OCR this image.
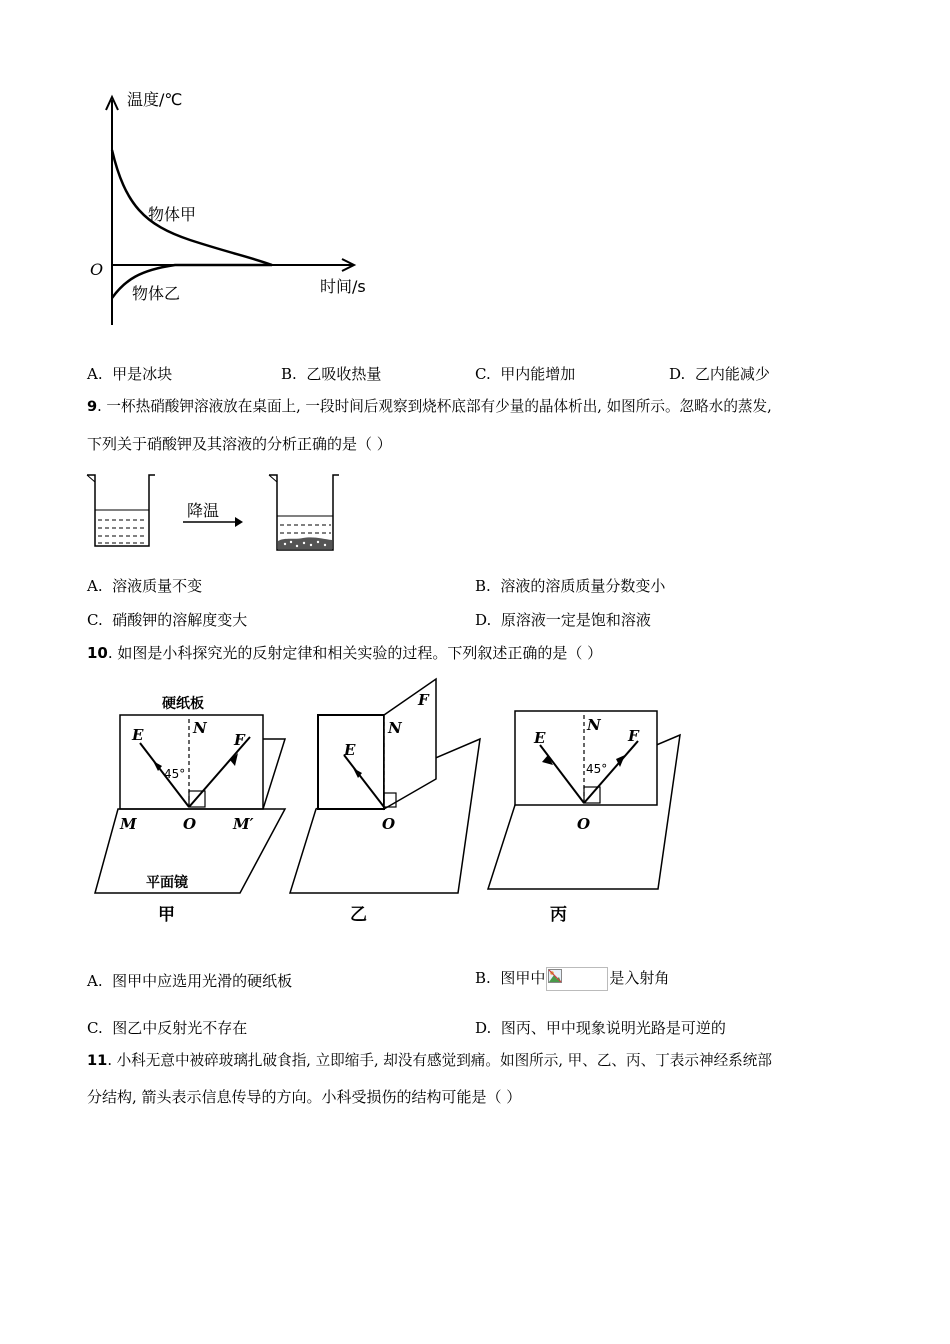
温度/℃
时间/s
O
物体甲
物体乙
A. 甲是冰块	B. 乙吸收热量	C. 甲内能增加	D. 乙内能减少
9. 一杯热硝酸钾溶液放在桌面上, 一段时间后观察到烧杯底部有少量的晶体析出, 如图所示。忽略水的蒸发,
下列关于硝酸钾及其溶液的分析正确的是（ ）
降温
A. 溶液质量不变	B. 溶液的溶质质量分数变小
C. 硝酸钾的溶解度变大	D. 原溶液一定是饱和溶液
10. 如图是小科探究光的反射定律和相关实验的过程。下列叙述正确的是（ ）
硬纸板
E	N
F
45°
M	O M′
平面镜
甲
E
N
F
O
乙
E
N
F
45°
O
丙
A. 图甲中应选用光滑的硬纸板	B. 图甲中	是入射角
C. 图乙中反射光不存在	D. 图丙、甲中现象说明光路是可逆的
11. 小科无意中被碎玻璃扎破食指, 立即缩手, 却没有感觉到痛。如图所示, 甲、乙、丙、丁表示神经系统部
分结构, 箭头表示信息传导的方向。小科受损伤的结构可能是（ ）
